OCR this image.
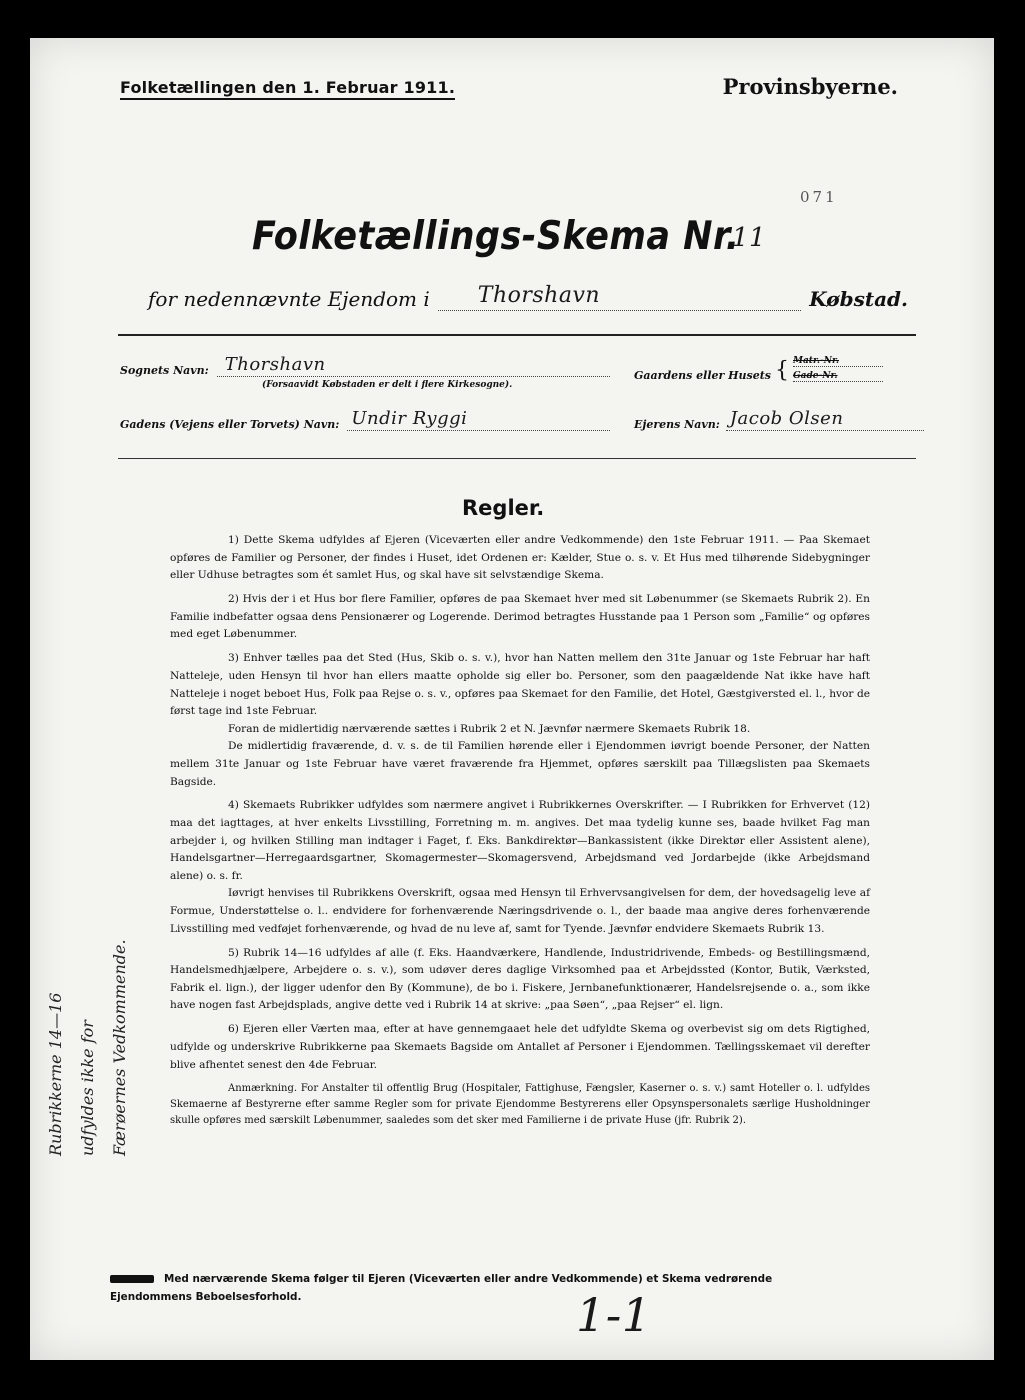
Folketællingen den 1. Februar 1911.	Provinsbyerne.
071
Folketællings-Skema Nr.
11
for nedennævnte Ejendom i Thorshavn	Købstad.
Sognets Navn: Thorshavn
(Forsaavidt Købstaden er delt i flere Kirkesogne).
Gaardens eller Husets { Matr.-Nr.
Gade-Nr.
Gadens (Vejens eller Torvets) Navn: Undir Ryggi	Ejerens Navn: Jacob Olsen
Regler.

1) Dette Skema udfyldes af Ejeren (Viceværten eller andre Vedkommende) den 1ste Februar 1911. — Paa Skemaet opføres de Familier og Personer, der findes i Huset, idet Ordenen er: Kælder, Stue o. s. v. Et Hus med tilhørende Sidebygninger eller Udhuse betragtes som ét samlet Hus, og skal have sit selvstændige Skema.

2) Hvis der i et Hus bor flere Familier, opføres de paa Skemaet hver med sit Løbenummer (se Skemaets Rubrik 2). En Familie indbefatter ogsaa dens Pensionærer og Logerende. Derimod betragtes Husstande paa 1 Person som „Familie“ og opføres med eget Løbenummer.

3) Enhver tælles paa det Sted (Hus, Skib o. s. v.), hvor han Natten mellem den 31te Januar og 1ste Februar har haft Natteleje, uden Hensyn til hvor han ellers maatte opholde sig eller bo. Personer, som den paagældende Nat ikke have haft Natteleje i noget beboet Hus, Folk paa Rejse o. s. v., opføres paa Skemaet for den Familie, det Hotel, Gæstgiversted el. l., hvor de først tage ind 1ste Februar.

Foran de midlertidig nærværende sættes i Rubrik 2 et N. Jævnfør nærmere Skemaets Rubrik 18.

De midlertidig fraværende, d. v. s. de til Familien hørende eller i Ejendommen iøvrigt boende Personer, der Natten mellem 31te Januar og 1ste Februar have været fraværende fra Hjemmet, opføres særskilt paa Tillægslisten paa Skemaets Bagside.

4) Skemaets Rubrikker udfyldes som nærmere angivet i Rubrikkernes Overskrifter. — I Rubrikken for Erhvervet (12) maa det iagttages, at hver enkelts Livsstilling, Forretning m. m. angives. Det maa tydelig kunne ses, baade hvilket Fag man arbejder i, og hvilken Stilling man indtager i Faget, f. Eks. Bankdirektør—Bankassistent (ikke Direktør eller Assistent alene), Handelsgartner—Herregaardsgartner, Skomagermester—Skomagersvend, Arbejdsmand ved Jordarbejde (ikke Arbejdsmand alene) o. s. fr.

Iøvrigt henvises til Rubrikkens Overskrift, ogsaa med Hensyn til Erhvervsangivelsen for dem, der hovedsagelig leve af Formue, Understøttelse o. l.. endvidere for forhenværende Næringsdrivende o. l., der baade maa angive deres forhenværende Livsstilling med vedføjet forhenværende, og hvad de nu leve af, samt for Tyende. Jævnfør endvidere Skemaets Rubrik 13.

5) Rubrik 14—16 udfyldes af alle (f. Eks. Haandværkere, Handlende, Industridrivende, Embeds- og Bestillingsmænd, Handelsmedhjælpere, Arbejdere o. s. v.), som udøver deres daglige Virksomhed paa et Arbejdssted (Kontor, Butik, Værksted, Fabrik el. lign.), der ligger udenfor den By (Kommune), de bo i. Fiskere, Jernbanefunktionærer, Handelsrejsende o. a., som ikke have nogen fast Arbejdsplads, angive dette ved i Rubrik 14 at skrive: „paa Søen“, „paa Rejser“ el. lign.

6) Ejeren eller Værten maa, efter at have gennemgaaet hele det udfyldte Skema og overbevist sig om dets Rigtighed, udfylde og underskrive Rubrikkerne paa Skemaets Bagside om Antallet af Personer i Ejendommen. Tællingsskemaet vil derefter blive afhentet senest den 4de Februar.

Anmærkning. For Anstalter til offentlig Brug (Hospitaler, Fattighuse, Fængsler, Kaserner o. s. v.) samt Hoteller o. l. udfyldes Skemaerne af Bestyrerne efter samme Regler som for private Ejendomme Bestyrerens eller Opsynspersonalets særlige Husholdninger skulle opføres med særskilt Løbenummer, saaledes som det sker med Familierne i de private Huse (jfr. Rubrik 2).

Rubrikkerne 14—16 udfyldes ikke for Færøernes Vedkommende.
Med nærværende Skema følger til Ejeren (Viceværten eller andre Vedkommende) et Skema vedrørende Ejendommens Beboelsesforhold.	1-1
